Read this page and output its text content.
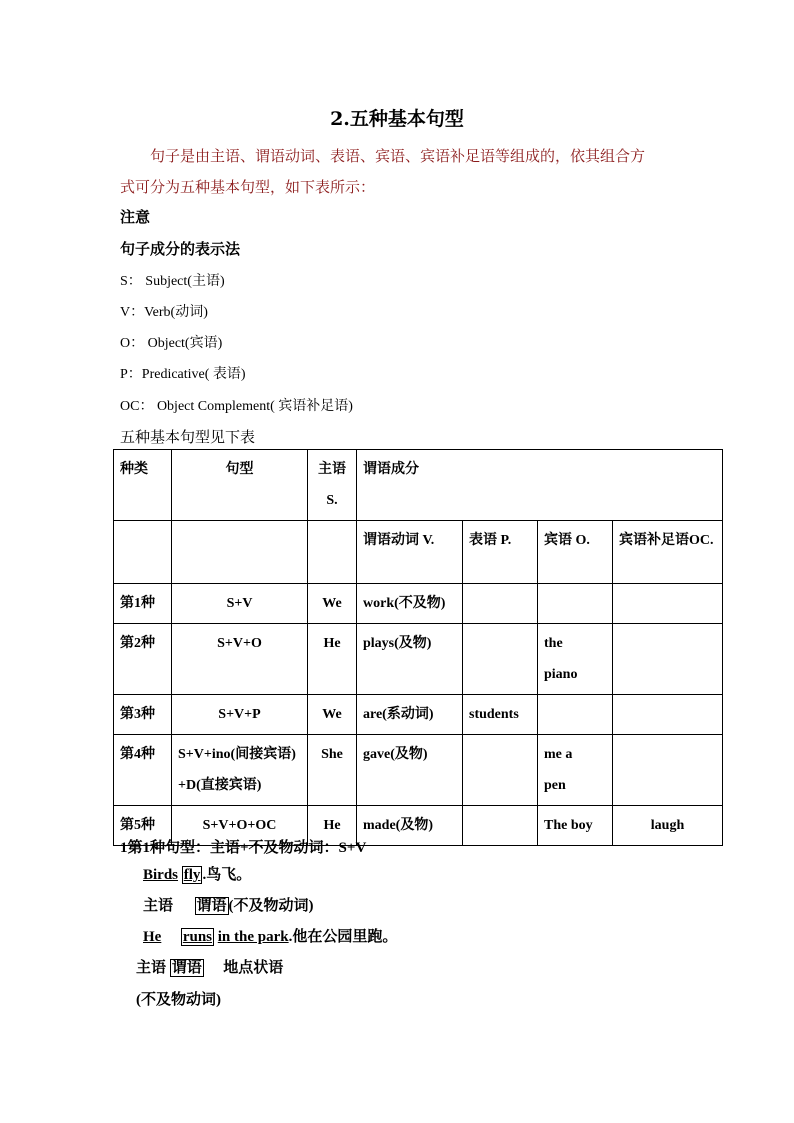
2.五种基本句型
句子是由主语、谓语动词、表语、宾语、宾语补足语等组成的，依其组合方
式可分为五种基本句型，如下表所示：
注意
句子成分的表示法
S： Subject(主语)
V：Verb(动词)
O： Object(宾语)
P：Predicative( 表语)
OC： Object Complement( 宾语补足语)
五种基本句型见下表
种类	句型	主语S.	谓语成分			
			谓语动词 V.	表语 P.	宾语 O.	宾语补足语OC.
第1种	S+V	We	work(不及物)			
第2种	S+V+O	He	plays(及物)		the piano	
第3种	S+V+P	We	are(系动词)	students		
第4种	S+V+ino(间接宾语)+D(直接宾语)	She	gave(及物)		me a pen	
第5种	S+V+O+OC	He	made(及物)		The boy	laugh
1第1种句型：主语+不及物动词：S+V
Birds fly .鸟飞。
主语 谓语 (不及物动词)
He runs in the park.他在公园里跑。
主语 谓语 地点状语
(不及物动词)
